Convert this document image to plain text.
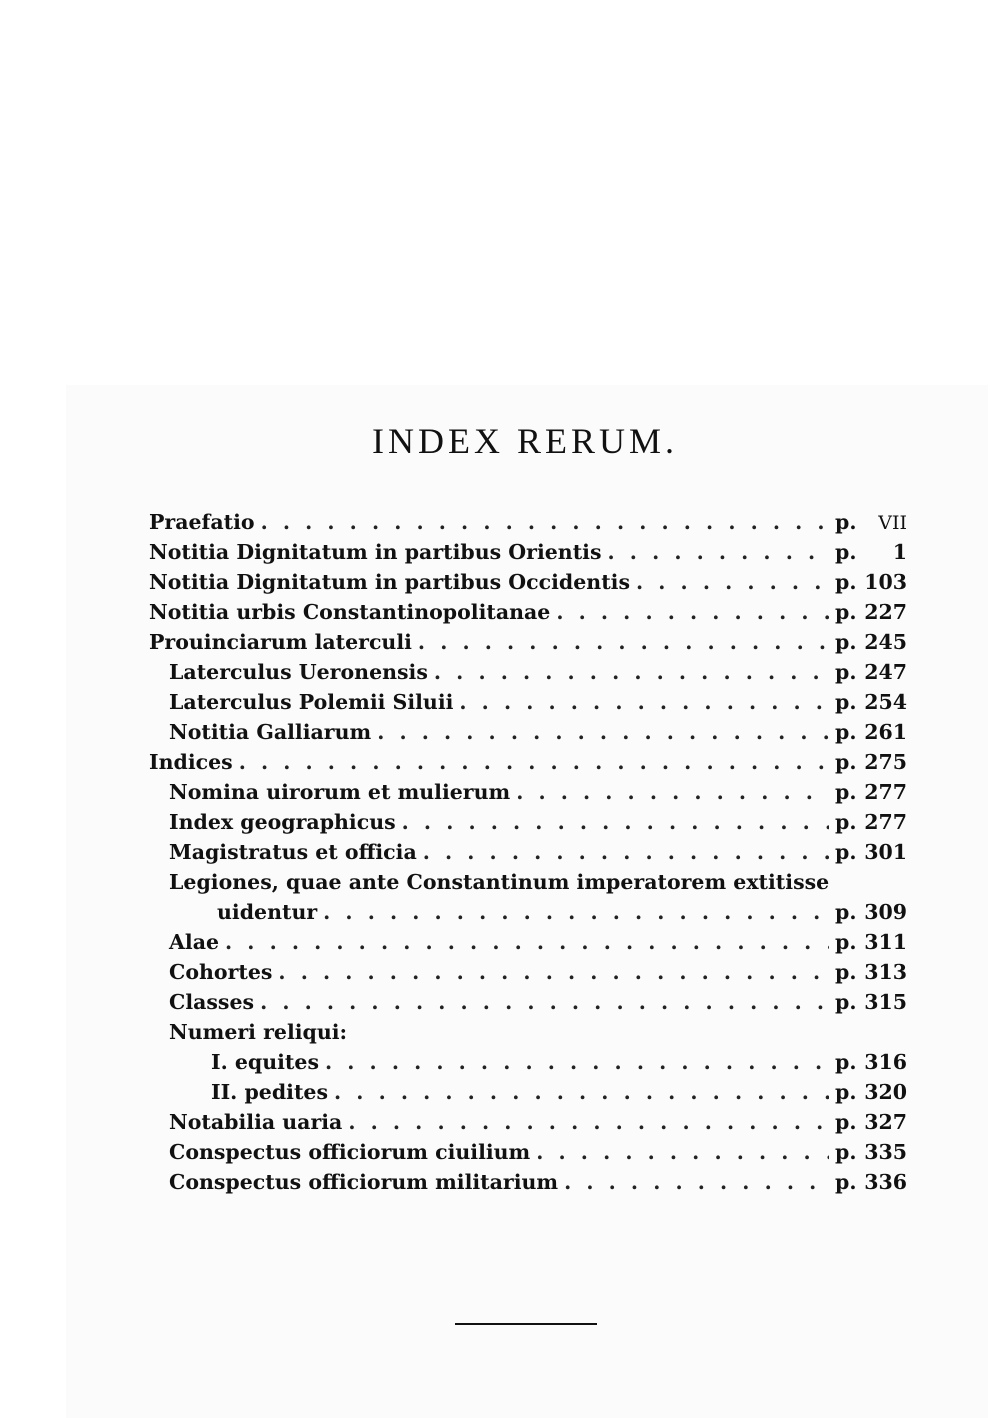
INDEX RERUM.
Praefatio . . .	p.	VII
Notitia Dignitatum in partibus Orientis . . .	p.	1
Notitia Dignitatum in partibus Occidentis . . .	p. 103
Notitia urbis Constantinopolitanae . . .	p. 227
Prouinciarum laterculi . . .	p. 245
Laterculus Ueronensis . . .	p. 247
Laterculus Polemii Siluii . . .	p. 254
Notitia Galliarum . . .	p. 261
Indices . . .	p. 275
Nomina uirorum et mulierum . . .	p. 277
Index geographicus . . .	p. 277
Magistratus et officia . . .	p. 301
Legiones, quae ante Constantinum imperatorem extitisse
uidentur . . .	p. 309
Alae . . .	p. 311
Cohortes . . .	p. 313
Classes . . .	p. 315
Numeri reliqui:
I. equites . . .	p. 316
II. pedites . . .	p. 320
Notabilia uaria . . .	p. 327
Conspectus officiorum ciuilium . . .	p. 335
Conspectus officiorum militarium . . .	p. 336
